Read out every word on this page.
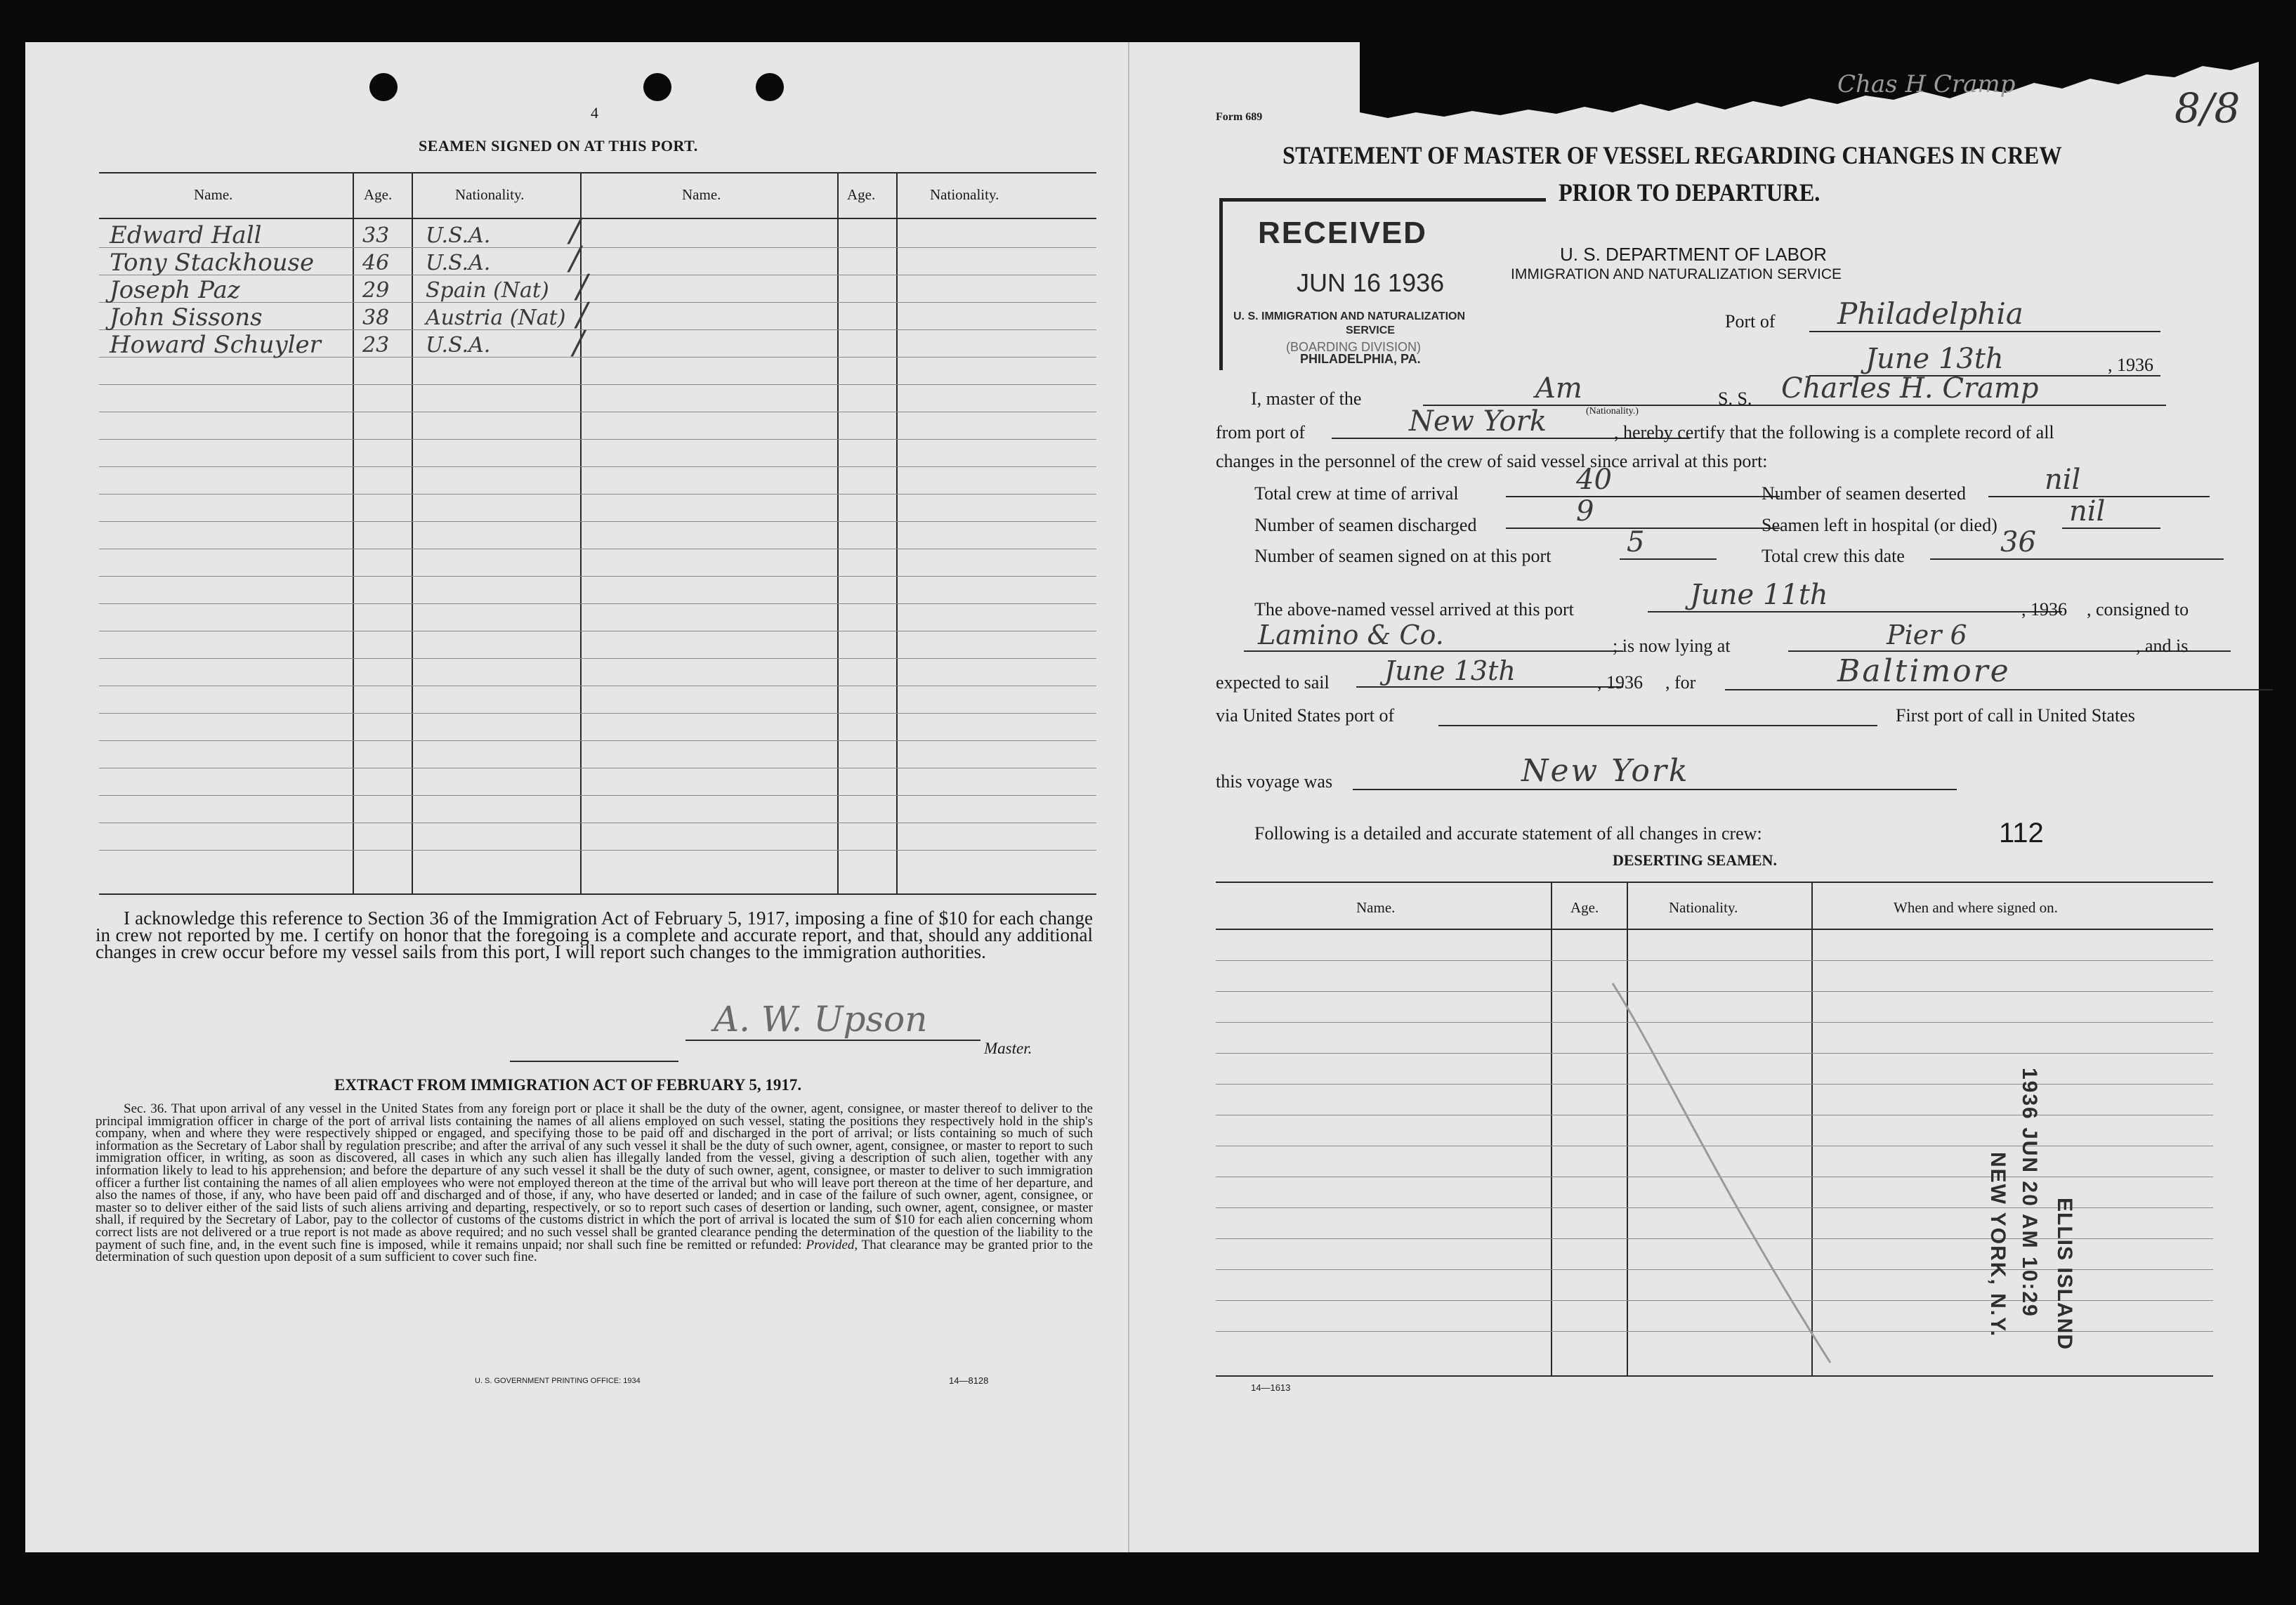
4
SEAMEN SIGNED ON AT THIS PORT.
Name.	Age.	Nationality.	Name.	Age.	Nationality.
Edward Hall	33 U.S.A. /
Tony Stackhouse 46 U.S.A. /
Joseph Paz	29 Spain (Nat) /
John Sissons	38 Austria (Nat) /
Howard Schuyler 23 U.S.A.	/
I acknowledge this reference to Section 36 of the Immigration Act of February 5, 1917, imposing a fine of $10 for each change in crew not reported by me. I certify on honor that the foregoing is a complete and accurate report, and that, should any additional changes in crew occur before my vessel sails from this port, I will report such changes to the immigration authorities.
A. W. Upson
Master.
EXTRACT FROM IMMIGRATION ACT OF FEBRUARY 5, 1917.
Sec. 36. That upon arrival of any vessel in the United States from any foreign port or place it shall be the duty of the owner, agent, consignee, or master thereof to deliver to the principal immigration officer in charge of the port of arrival lists containing the names of all aliens employed on such vessel, stating the positions they respectively hold in the ship's company, when and where they were respectively shipped or engaged, and specifying those to be paid off and discharged in the port of arrival; or lists containing so much of such information as the Secretary of Labor shall by regulation prescribe; and after the arrival of any such vessel it shall be the duty of such owner, agent, consignee, or master to report to such immigration officer, in writing, as soon as discovered, all cases in which any such alien has illegally landed from the vessel, giving a description of such alien, together with any information likely to lead to his apprehension; and before the departure of any such vessel it shall be the duty of such owner, agent, consignee, or master to deliver to such immigration officer a further list containing the names of all alien employees who were not employed thereon at the time of the arrival but who will leave port thereon at the time of her departure, and also the names of those, if any, who have been paid off and discharged and of those, if any, who have deserted or landed; and in case of the failure of such owner, agent, consignee, or master so to deliver either of the said lists of such aliens arriving and departing, respectively, or so to report such cases of desertion or landing, such owner, agent, consignee, or master shall, if required by the Secretary of Labor, pay to the collector of customs of the customs district in which the port of arrival is located the sum of $10 for each alien concerning whom correct lists are not delivered or a true report is not made as above required; and no such vessel shall be granted clearance pending the determination of the question of the liability to the payment of such fine, and, in the event such fine is imposed, while it remains unpaid; nor shall such fine be remitted or refunded: Provided, That clearance may be granted prior to the determination of such question upon deposit of a sum sufficient to cover such fine.
U. S. GOVERNMENT PRINTING OFFICE: 1934	14—8128
Chas H Cramp	8/8
Form 689
STATEMENT OF MASTER OF VESSEL REGARDING CHANGES IN CREW
PRIOR TO DEPARTURE.
RECEIVED
JUN 16 1936
U. S. IMMIGRATION AND NATURALIZATION
SERVICE
(BOARDING DIVISION)
PHILADELPHIA, PA.
U. S. DEPARTMENT OF LABOR
IMMIGRATION AND NATURALIZATION SERVICE
Port of	Philadelphia
June 13th	, 1936
I, master of the	Am
(Nationality.)
S. S.	Charles H. Cramp
from port of	New York	, hereby certify that the following is a complete record of all
changes in the personnel of the crew of said vessel since arrival at this port:
Total crew at time of arrival	40	Number of seamen deserted	nil
Number of seamen discharged	9	Seamen left in hospital (or died)	nil
Number of seamen signed on at this port	5	Total crew this date	36
The above-named vessel arrived at this port	June 11th	, 1936 , consigned to
Lamino & Co.	; is now lying at	Pier 6	, and is
expected to sail	June 13th	, 1936 , for	Baltimore
via United States port of	First port of call in United States
this voyage was	New York
Following is a detailed and accurate statement of all changes in crew:	112
DESERTING SEAMEN.
Name.	Age.	Nationality.	When and where signed on.
ELLIS ISLAND
1936 JUN 20 AM 10:29
NEW YORK, N.Y.
14—1613
